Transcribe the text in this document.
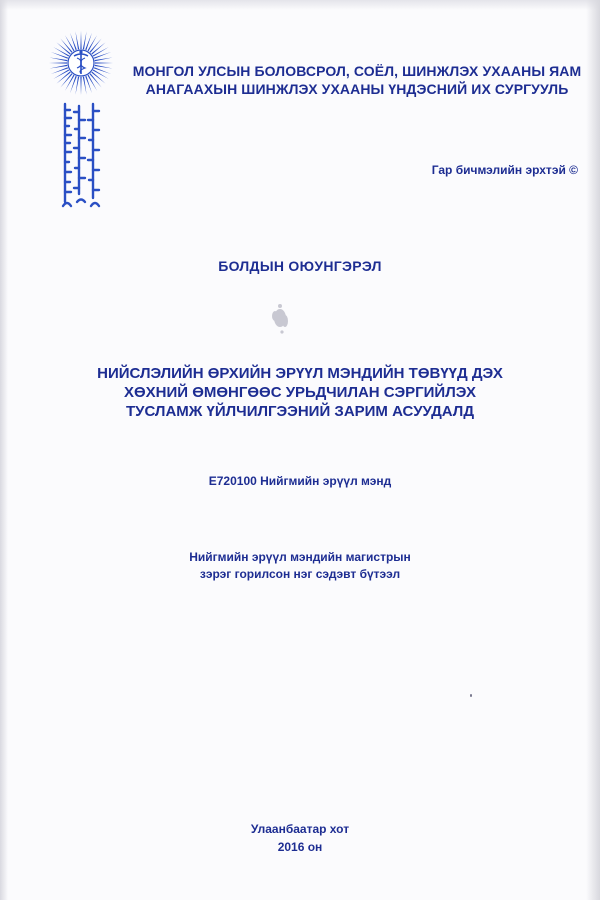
МОНГОЛ УЛСЫН БОЛОВСРОЛ, СОЁЛ, ШИНЖЛЭХ УХААНЫ ЯАМ
АНАГААХЫН ШИНЖЛЭХ УХААНЫ ҮНДЭСНИЙ ИХ СУРГУУЛЬ
Гар бичмэлийн эрхтэй ©
БОЛДЫН ОЮУНГЭРЭЛ
НИЙСЛЭЛИЙН ӨРХИЙН ЭРҮҮЛ МЭНДИЙН ТӨВҮҮД ДЭХ
ХӨХНИЙ ӨМӨНГӨӨС УРЬДЧИЛАН СЭРГИЙЛЭХ
ТУСЛАМЖ ҮЙЛЧИЛГЭЭНИЙ ЗАРИМ АСУУДАЛД
Е720100 Нийгмийн эрүүл мэнд
Нийгмийн эрүүл мэндийн магистрын
зэрэг горилсон нэг сэдэвт бүтээл
Улаанбаатар хот
2016 он
